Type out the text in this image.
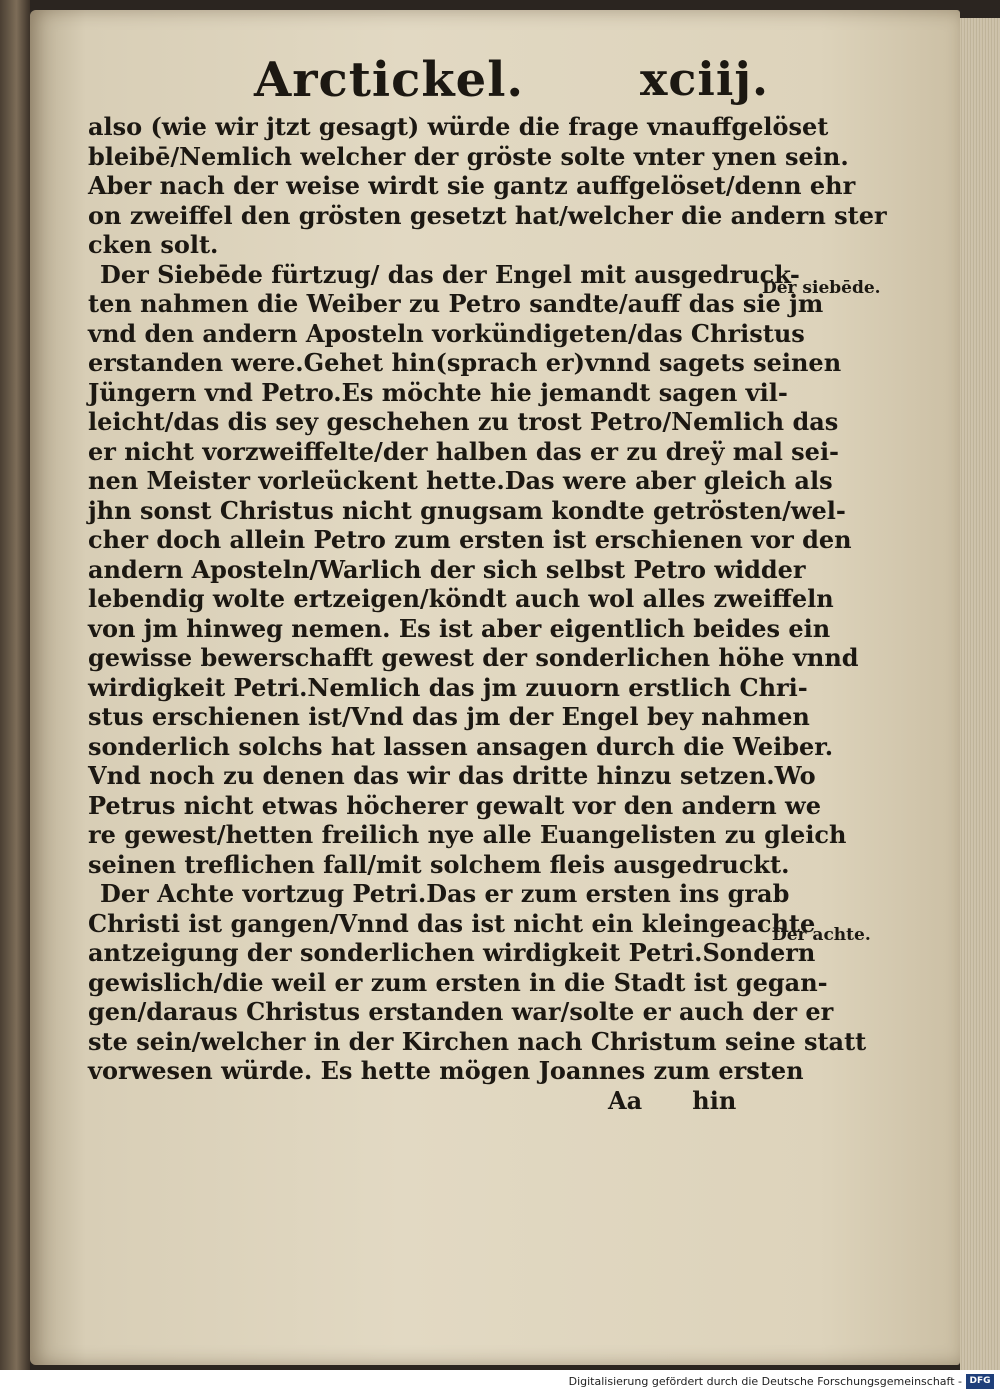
Arctickel.	xciij.
also (wie wir jtzt gesagt) würde die frage vnauffgelöset
bleibē/Nemlich welcher der gröste solte vnter ynen sein.
Aber nach der weise wirdt sie gantz auffgelöset/denn ehr
on zweiffel den grösten gesetzt hat/welcher die andern ster
cken solt.
Der Siebēde fürtzug/ das der Engel mit ausgedruck-
ten nahmen die Weiber zu Petro sandte/auff das sie jm
vnd den andern Aposteln vorkündigeten/das Christus
erstanden were.Gehet hin(sprach er)vnnd sagets seinen
Jüngern vnd Petro.Es möchte hie jemandt sagen vil-
leicht/das dis sey geschehen zu trost Petro/Nemlich das
er nicht vorzweiffelte/der halben das er zu dreÿ mal sei-
nen Meister vorleückent hette.Das were aber gleich als
jhn sonst Christus nicht gnugsam kondte getrösten/wel-
cher doch allein Petro zum ersten ist erschienen vor den
andern Aposteln/Warlich der sich selbst Petro widder
lebendig wolte ertzeigen/köndt auch wol alles zweiffeln
von jm hinweg nemen. Es ist aber eigentlich beides ein
gewisse bewerschafft gewest der sonderlichen höhe vnnd
wirdigkeit Petri.Nemlich das jm zuuorn erstlich Chri-
stus erschienen ist/Vnd das jm der Engel bey nahmen
sonderlich solchs hat lassen ansagen durch die Weiber.
Vnd noch zu denen das wir das dritte hinzu setzen.Wo
Petrus nicht etwas höcherer gewalt vor den andern we
re gewest/hetten freilich nye alle Euangelisten zu gleich
seinen treflichen fall/mit solchem fleis ausgedruckt.
Der Achte vortzug Petri.Das er zum ersten ins grab
Christi ist gangen/Vnnd das ist nicht ein kleingeachte
antzeigung der sonderlichen wirdigkeit Petri.Sondern
gewislich/die weil er zum ersten in die Stadt ist gegan-
gen/daraus Christus erstanden war/solte er auch der er
ste sein/welcher in der Kirchen nach Christum seine statt
vorwesen würde. Es hette mögen Joannes zum ersten
Aa      hin
Der siebēde.
Der achte.
Digitalisierung gefördert durch die Deutsche Forschungsgemeinschaft - DFG
